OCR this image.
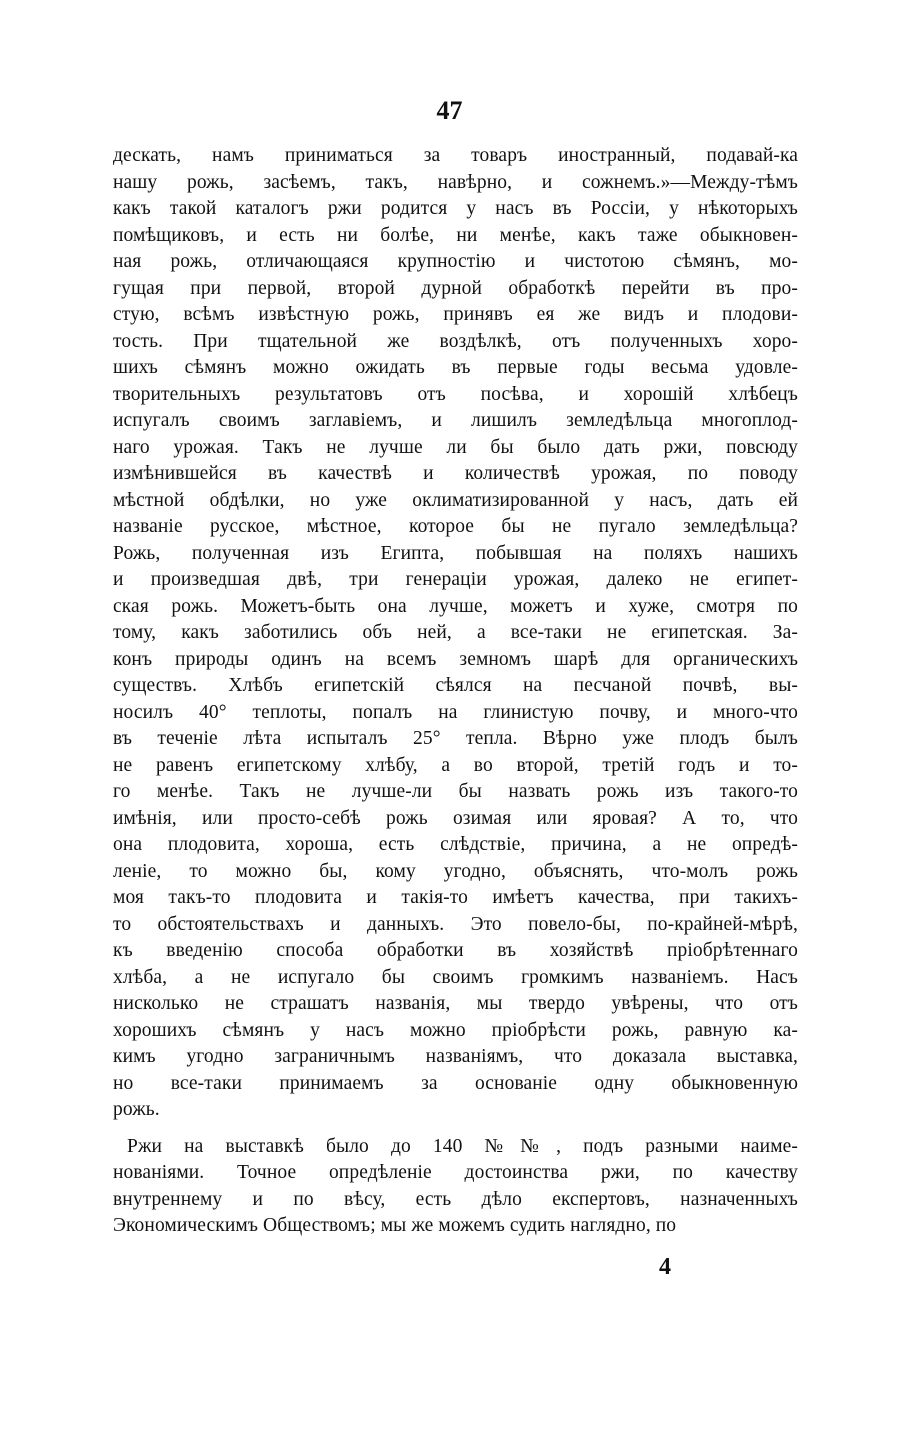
47
дескать, намъ приниматься за товаръ иностранный, подавай-ка
нашу рожь, засѣемъ, такъ, навѣрно, и сожнемъ.»—Между-тѣмъ
какъ такой каталогъ ржи родится у насъ въ Россіи, у нѣкоторыхъ
помѣщиковъ, и есть ни болѣе, ни менѣе, какъ таже обыкновен-
ная рожь, отличающаяся крупностію и чистотою сѣмянъ, мо-
гущая при первой, второй дурной обработкѣ перейти въ про-
стую, всѣмъ извѣстную рожь, принявъ ея же видъ и плодови-
тость. При тщательной же воздѣлкѣ, отъ полученныхъ хоро-
шихъ сѣмянъ можно ожидать въ первые годы весьма удовле-
творительныхъ результатовъ отъ посѣва, и хорошій хлѣбецъ
испугалъ своимъ заглавіемъ, и лишилъ земледѣльца многоплод-
наго урожая. Такъ не лучше ли бы было дать ржи, повсюду
измѣнившейся въ качествѣ и количествѣ урожая, по поводу
мѣстной обдѣлки, но уже оклиматизированной у насъ, дать ей
названіе русское, мѣстное, которое бы не пугало земледѣльца?
Рожь, полученная изъ Египта, побывшая на поляхъ нашихъ
и произведшая двѣ, три генераціи урожая, далеко не египет-
ская рожь. Можетъ-быть она лучше, можетъ и хуже, смотря по
тому, какъ заботились объ ней, а все-таки не египетская. За-
конъ природы одинъ на всемъ земномъ шарѣ для органическихъ
существъ. Хлѣбъ египетскій сѣялся на песчаной почвѣ, вы-
носилъ 40° теплоты, попалъ на глинистую почву, и много-что
въ теченіе лѣта испыталъ 25° тепла. Вѣрно уже плодъ былъ
не равенъ египетскому хлѣбу, а во второй, третій годъ и то-
го менѣе. Такъ не лучше-ли бы назвать рожь изъ такого-то
имѣнія, или просто-себѣ рожь озимая или яровая? А то, что
она плодовита, хороша, есть слѣдствіе, причина, а не опредѣ-
леніе, то можно бы, кому угодно, объяснять, что-молъ рожь
моя такъ-то плодовита и такія-то имѣетъ качества, при такихъ-
то обстоятельствахъ и данныхъ. Это повело-бы, по-крайней-мѣрѣ,
къ введенію способа обработки въ хозяйствѣ пріобрѣтеннаго
хлѣба, а не испугало бы своимъ громкимъ названіемъ. Насъ
нисколько не страшатъ названія, мы твердо увѣрены, что отъ
хорошихъ сѣмянъ у насъ можно пріобрѣсти рожь, равную ка-
кимъ угодно заграничнымъ названіямъ, что доказала выставка,
но все-таки принимаемъ за основаніе одну обыкновенную
рожь.
Ржи на выставкѣ было до 140 №№, подъ разными наиме-
нованіями. Точное опредѣленіе достоинства ржи, по качеству
внутреннему и по вѣсу, есть дѣло експертовъ, назначенныхъ
Экономическимъ Обществомъ; мы же можемъ судить наглядно, по
4
